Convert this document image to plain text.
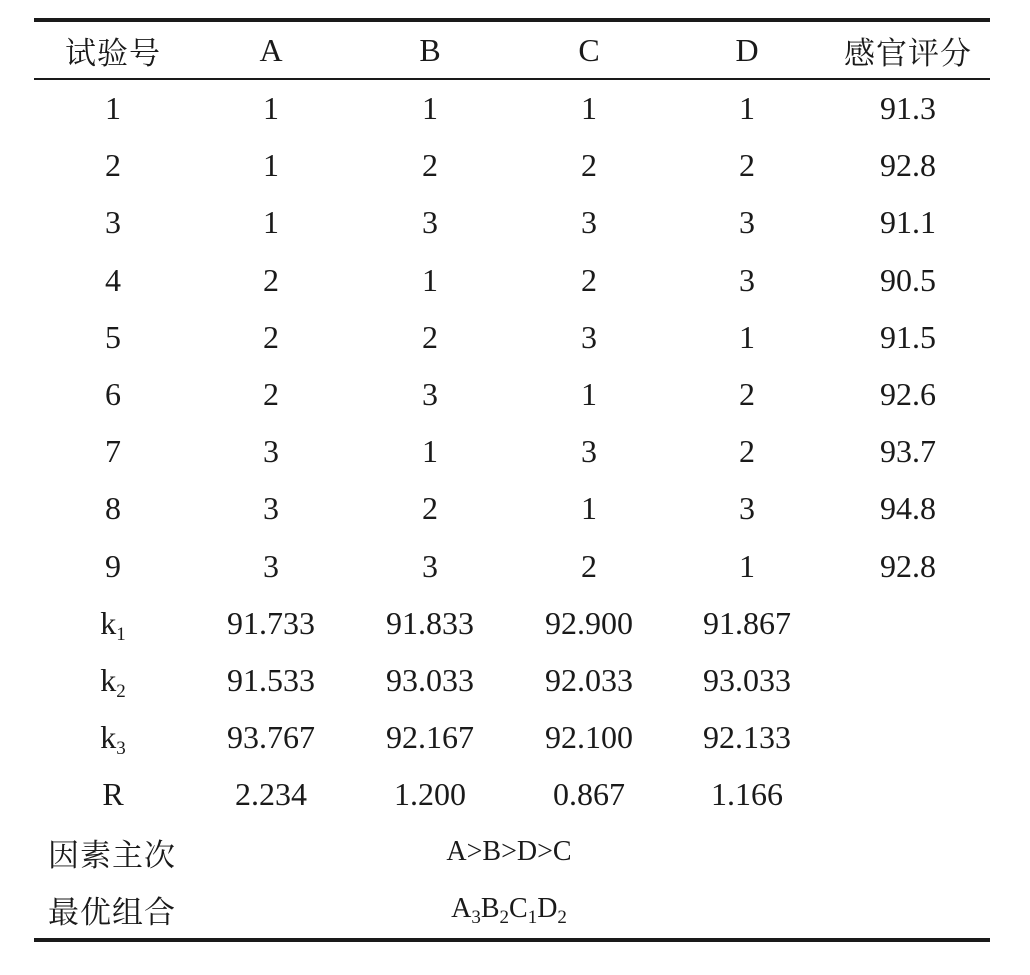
试验号	A	B	C	D	感官评分
1	1	1	1	1	91.3
2	1	2	2	2	92.8
3	1	3	3	3	91.1
4	2	1	2	3	90.5
5	2	2	3	1	91.5
6	2	3	1	2	92.6
7	3	1	3	2	93.7
8	3	2	1	3	94.8
9	3	3	2	1	92.8
$k_1$	91.733	91.833	92.900	91.867
$k_2$	91.533	93.033	92.033	93.033
$k_3$	93.767	92.167	92.100	92.133
R	2.234	1.200	0.867	1.166
因素主次	A>B>D>C
最优组合	$A_3B_2C_1D_2$
